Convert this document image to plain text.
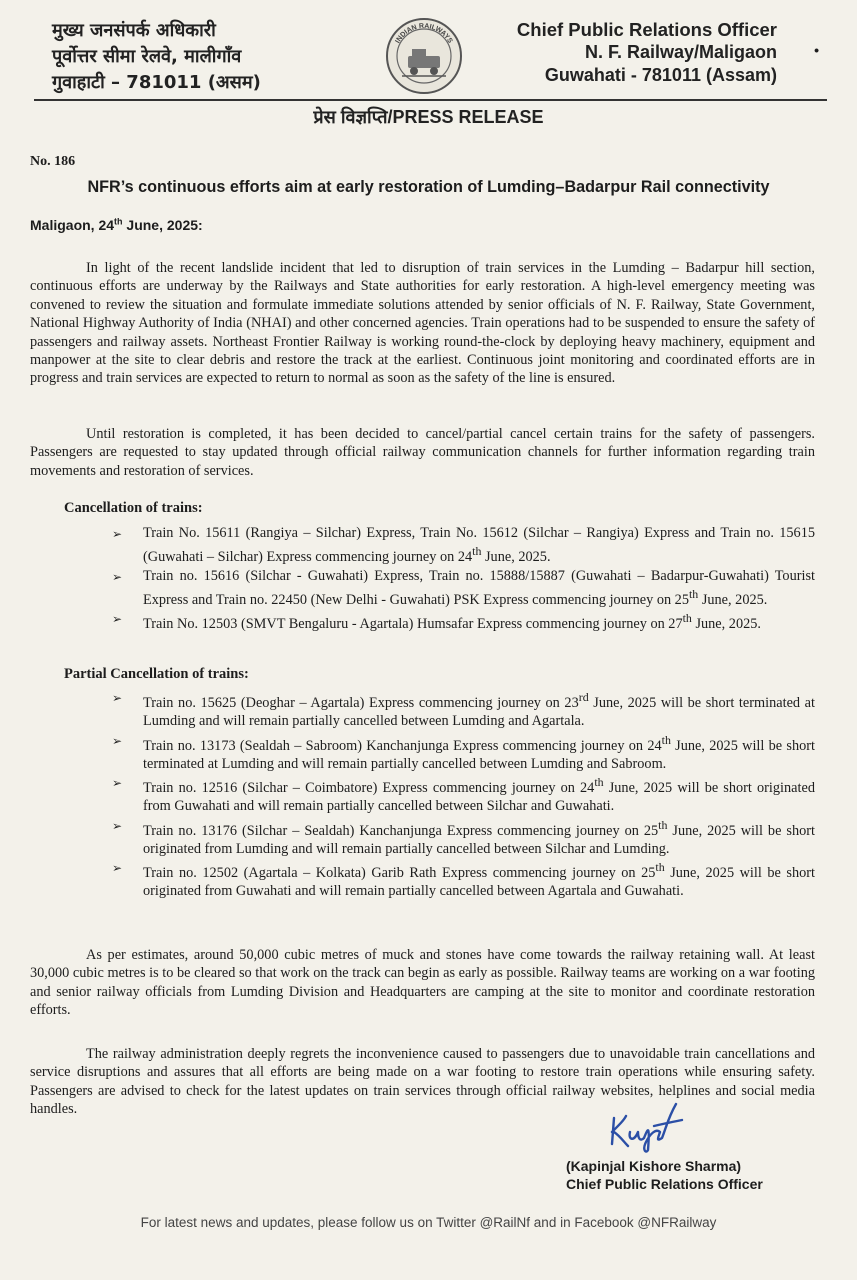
मुख्य जनसंपर्क अधिकारी
पूर्वोत्तर सीमा रेलवे, मालीगाँव
गुवाहाटी – 781011 (असम)
INDIAN RAILWAYS
Chief Public Relations Officer
N. F. Railway/Maligaon
Guwahati - 781011 (Assam)
•
प्रेस विज्ञप्ति/PRESS RELEASE
No. 186
NFR’s continuous efforts aim at early restoration of Lumding–Badarpur Rail connectivity
Maligaon, 24th June, 2025:
In light of the recent landslide incident that led to disruption of train services in the Lumding – Badarpur hill section, continuous efforts are underway by the Railways and State authorities for early restoration. A high-level emergency meeting was convened to review the situation and formulate immediate solutions attended by senior officials of N. F. Railway, State Government, National Highway Authority of India (NHAI) and other concerned agencies. Train operations had to be suspended to ensure the safety of passengers and railway assets. Northeast Frontier Railway is working round-the-clock by deploying heavy machinery, equipment and manpower at the site to clear debris and restore the track at the earliest. Continuous joint monitoring and coordinated efforts are in progress and train services are expected to return to normal as soon as the safety of the line is ensured.
Until restoration is completed, it has been decided to cancel/partial cancel certain trains for the safety of passengers. Passengers are requested to stay updated through official railway communication channels for further information regarding train movements and restoration of services.
Cancellation of trains:
➢ Train No. 15611 (Rangiya – Silchar) Express, Train No. 15612 (Silchar – Rangiya) Express and Train no. 15615 (Guwahati – Silchar) Express commencing journey on 24th June, 2025.
➢ Train no. 15616 (Silchar - Guwahati) Express, Train no. 15888/15887 (Guwahati – Badarpur-Guwahati) Tourist Express and Train no. 22450 (New Delhi - Guwahati) PSK Express commencing journey on 25th June, 2025.
➢ Train No. 12503 (SMVT Bengaluru - Agartala) Humsafar Express commencing journey on 27th June, 2025.
Partial Cancellation of trains:
➢ Train no. 15625 (Deoghar – Agartala) Express commencing journey on 23rd June, 2025 will be short terminated at Lumding and will remain partially cancelled between Lumding and Agartala.
➢ Train no. 13173 (Sealdah – Sabroom) Kanchanjunga Express commencing journey on 24th June, 2025 will be short terminated at Lumding and will remain partially cancelled between Lumding and Sabroom.
➢ Train no. 12516 (Silchar – Coimbatore) Express commencing journey on 24th June, 2025 will be short originated from Guwahati and will remain partially cancelled between Silchar and Guwahati.
➢ Train no. 13176 (Silchar – Sealdah) Kanchanjunga Express commencing journey on 25th June, 2025 will be short originated from Lumding and will remain partially cancelled between Silchar and Lumding.
➢ Train no. 12502 (Agartala – Kolkata) Garib Rath Express commencing journey on 25th June, 2025 will be short originated from Guwahati and will remain partially cancelled between Agartala and Guwahati.
As per estimates, around 50,000 cubic metres of muck and stones have come towards the railway retaining wall. At least 30,000 cubic metres is to be cleared so that work on the track can begin as early as possible. Railway teams are working on a war footing and senior railway officials from Lumding Division and Headquarters are camping at the site to monitor and coordinate restoration efforts.
The railway administration deeply regrets the inconvenience caused to passengers due to unavoidable train cancellations and service disruptions and assures that all efforts are being made on a war footing to restore train operations while ensuring safety. Passengers are advised to check for the latest updates on train services through official railway websites, helplines and social media handles.
(Kapinjal Kishore Sharma)
Chief Public Relations Officer
For latest news and updates, please follow us on Twitter @RailNf and in Facebook @NFRailway
